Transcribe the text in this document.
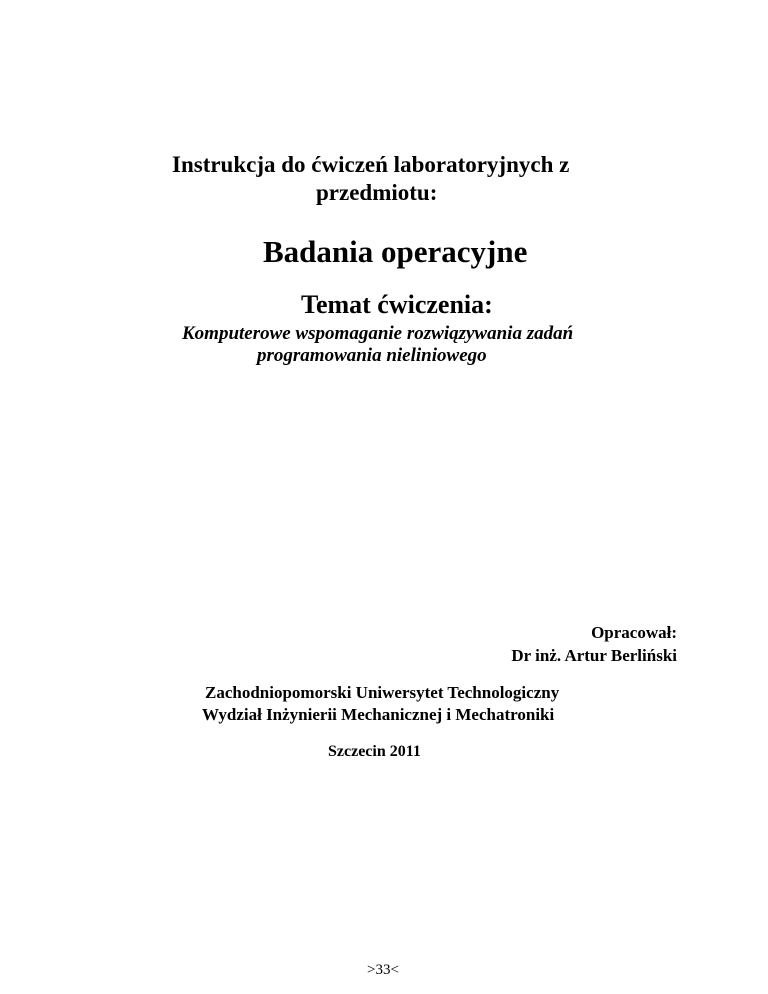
Instrukcja do ćwiczeń laboratoryjnych z

przedmiotu:

Badania operacyjne

Temat ćwiczenia:

Komputerowe wspomaganie rozwiązywania zadań

programowania nieliniowego

Opracował:

Dr inż. Artur Berliński

Zachodniopomorski Uniwersytet Technologiczny

Wydział Inżynierii Mechanicznej i Mechatroniki

Szczecin 2011

>33<
